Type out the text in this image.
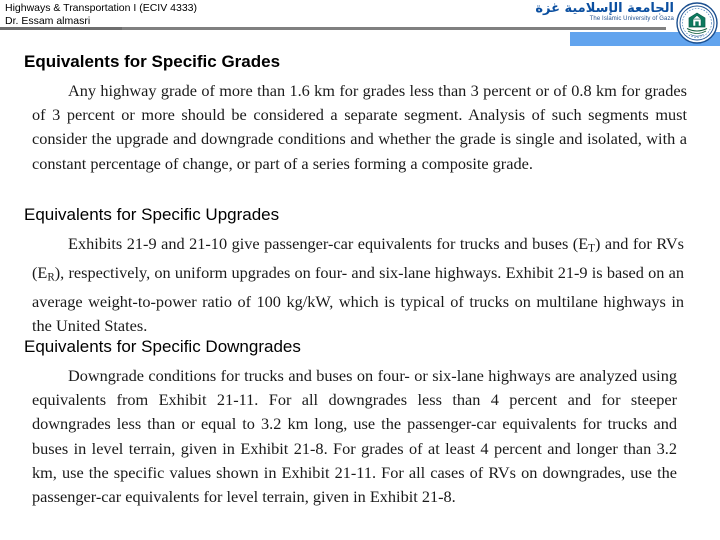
Highways & Transportation I (ECIV 4333)
Dr. Essam almasri
الجامعة الإسلامية غزة
The Islamic University of Gaza
Equivalents for Specific Grades

Any highway grade of more than 1.6 km for grades less than 3 percent or of 0.8 km for grades of 3 percent or more should be considered a separate segment. Analysis of such segments must consider the upgrade and downgrade conditions and whether the grade is single and isolated, with a constant percentage of change, or part of a series forming a composite grade.

Equivalents for Specific Upgrades

Exhibits 21-9 and 21-10 give passenger-car equivalents for trucks and buses $(E_T)$ and for RVs $(E_R)$, respectively, on uniform upgrades on four- and six-lane highways. Exhibit 21-9 is based on an average weight-to-power ratio of 100 kg/kW, which is typical of trucks on multilane highways in the United States.

Equivalents for Specific Downgrades

Downgrade conditions for trucks and buses on four- or six-lane highways are analyzed using equivalents from Exhibit 21-11. For all downgrades less than 4 percent and for steeper downgrades less than or equal to 3.2 km long, use the passenger-car equivalents for trucks and buses in level terrain, given in Exhibit 21-8. For grades of at least 4 percent and longer than 3.2 km, use the specific values shown in Exhibit 21-11. For all cases of RVs on downgrades, use the passenger-car equivalents for level terrain, given in Exhibit 21-8.
